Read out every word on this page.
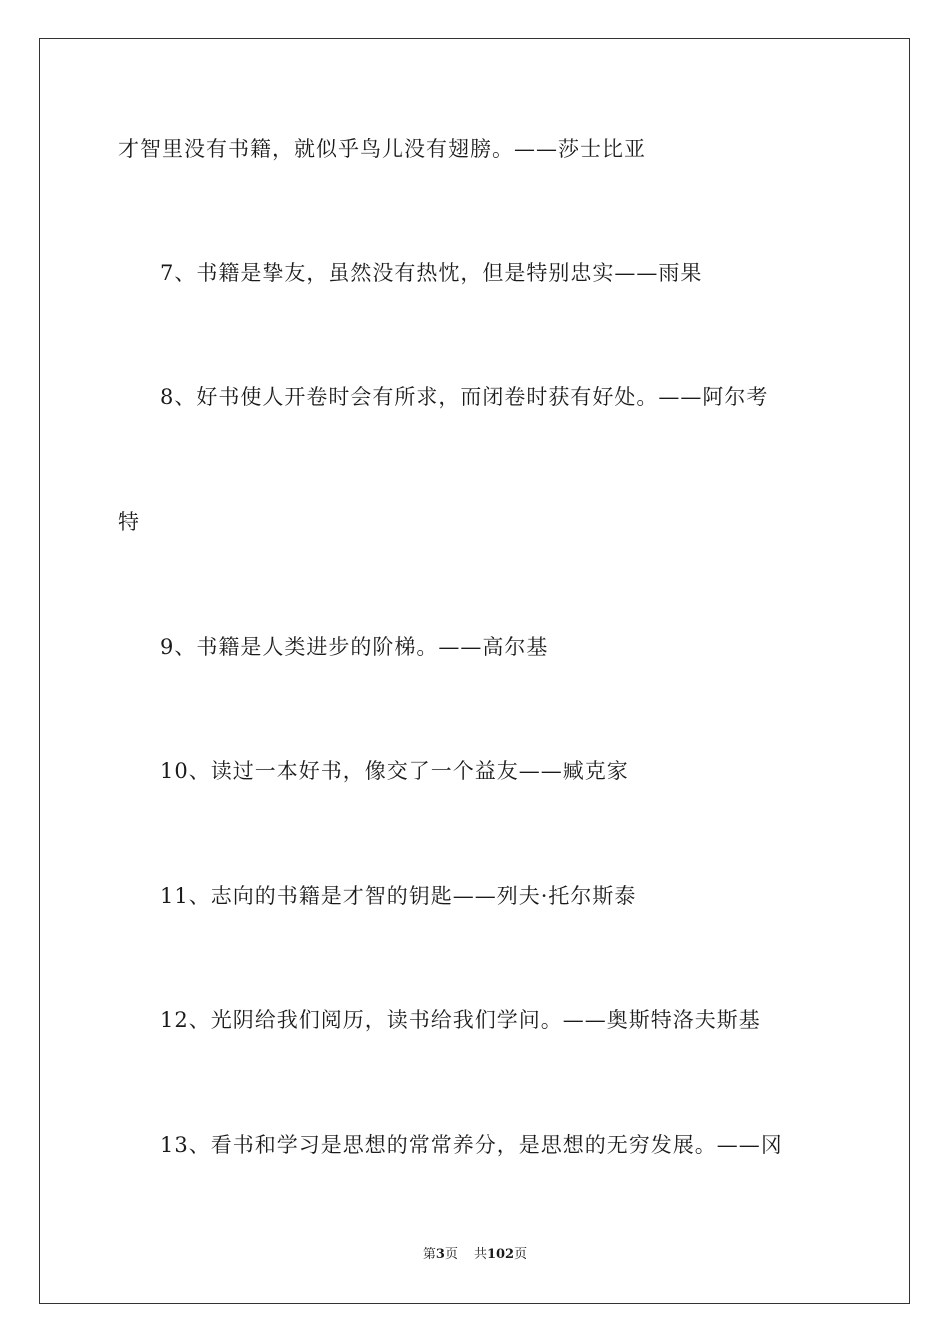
才智里没有书籍，就似乎鸟儿没有翅膀。——莎士比亚
7、书籍是挚友，虽然没有热忱，但是特别忠实——雨果
8、好书使人开卷时会有所求，而闭卷时获有好处。——阿尔考
特
9、书籍是人类进步的阶梯。——高尔基
10、读过一本好书，像交了一个益友——臧克家
11、志向的书籍是才智的钥匙——列夫·托尔斯泰
12、光阴给我们阅历，读书给我们学问。——奥斯特洛夫斯基
13、看书和学习是思想的常常养分，是思想的无穷发展。——冈
第3页 共102页
